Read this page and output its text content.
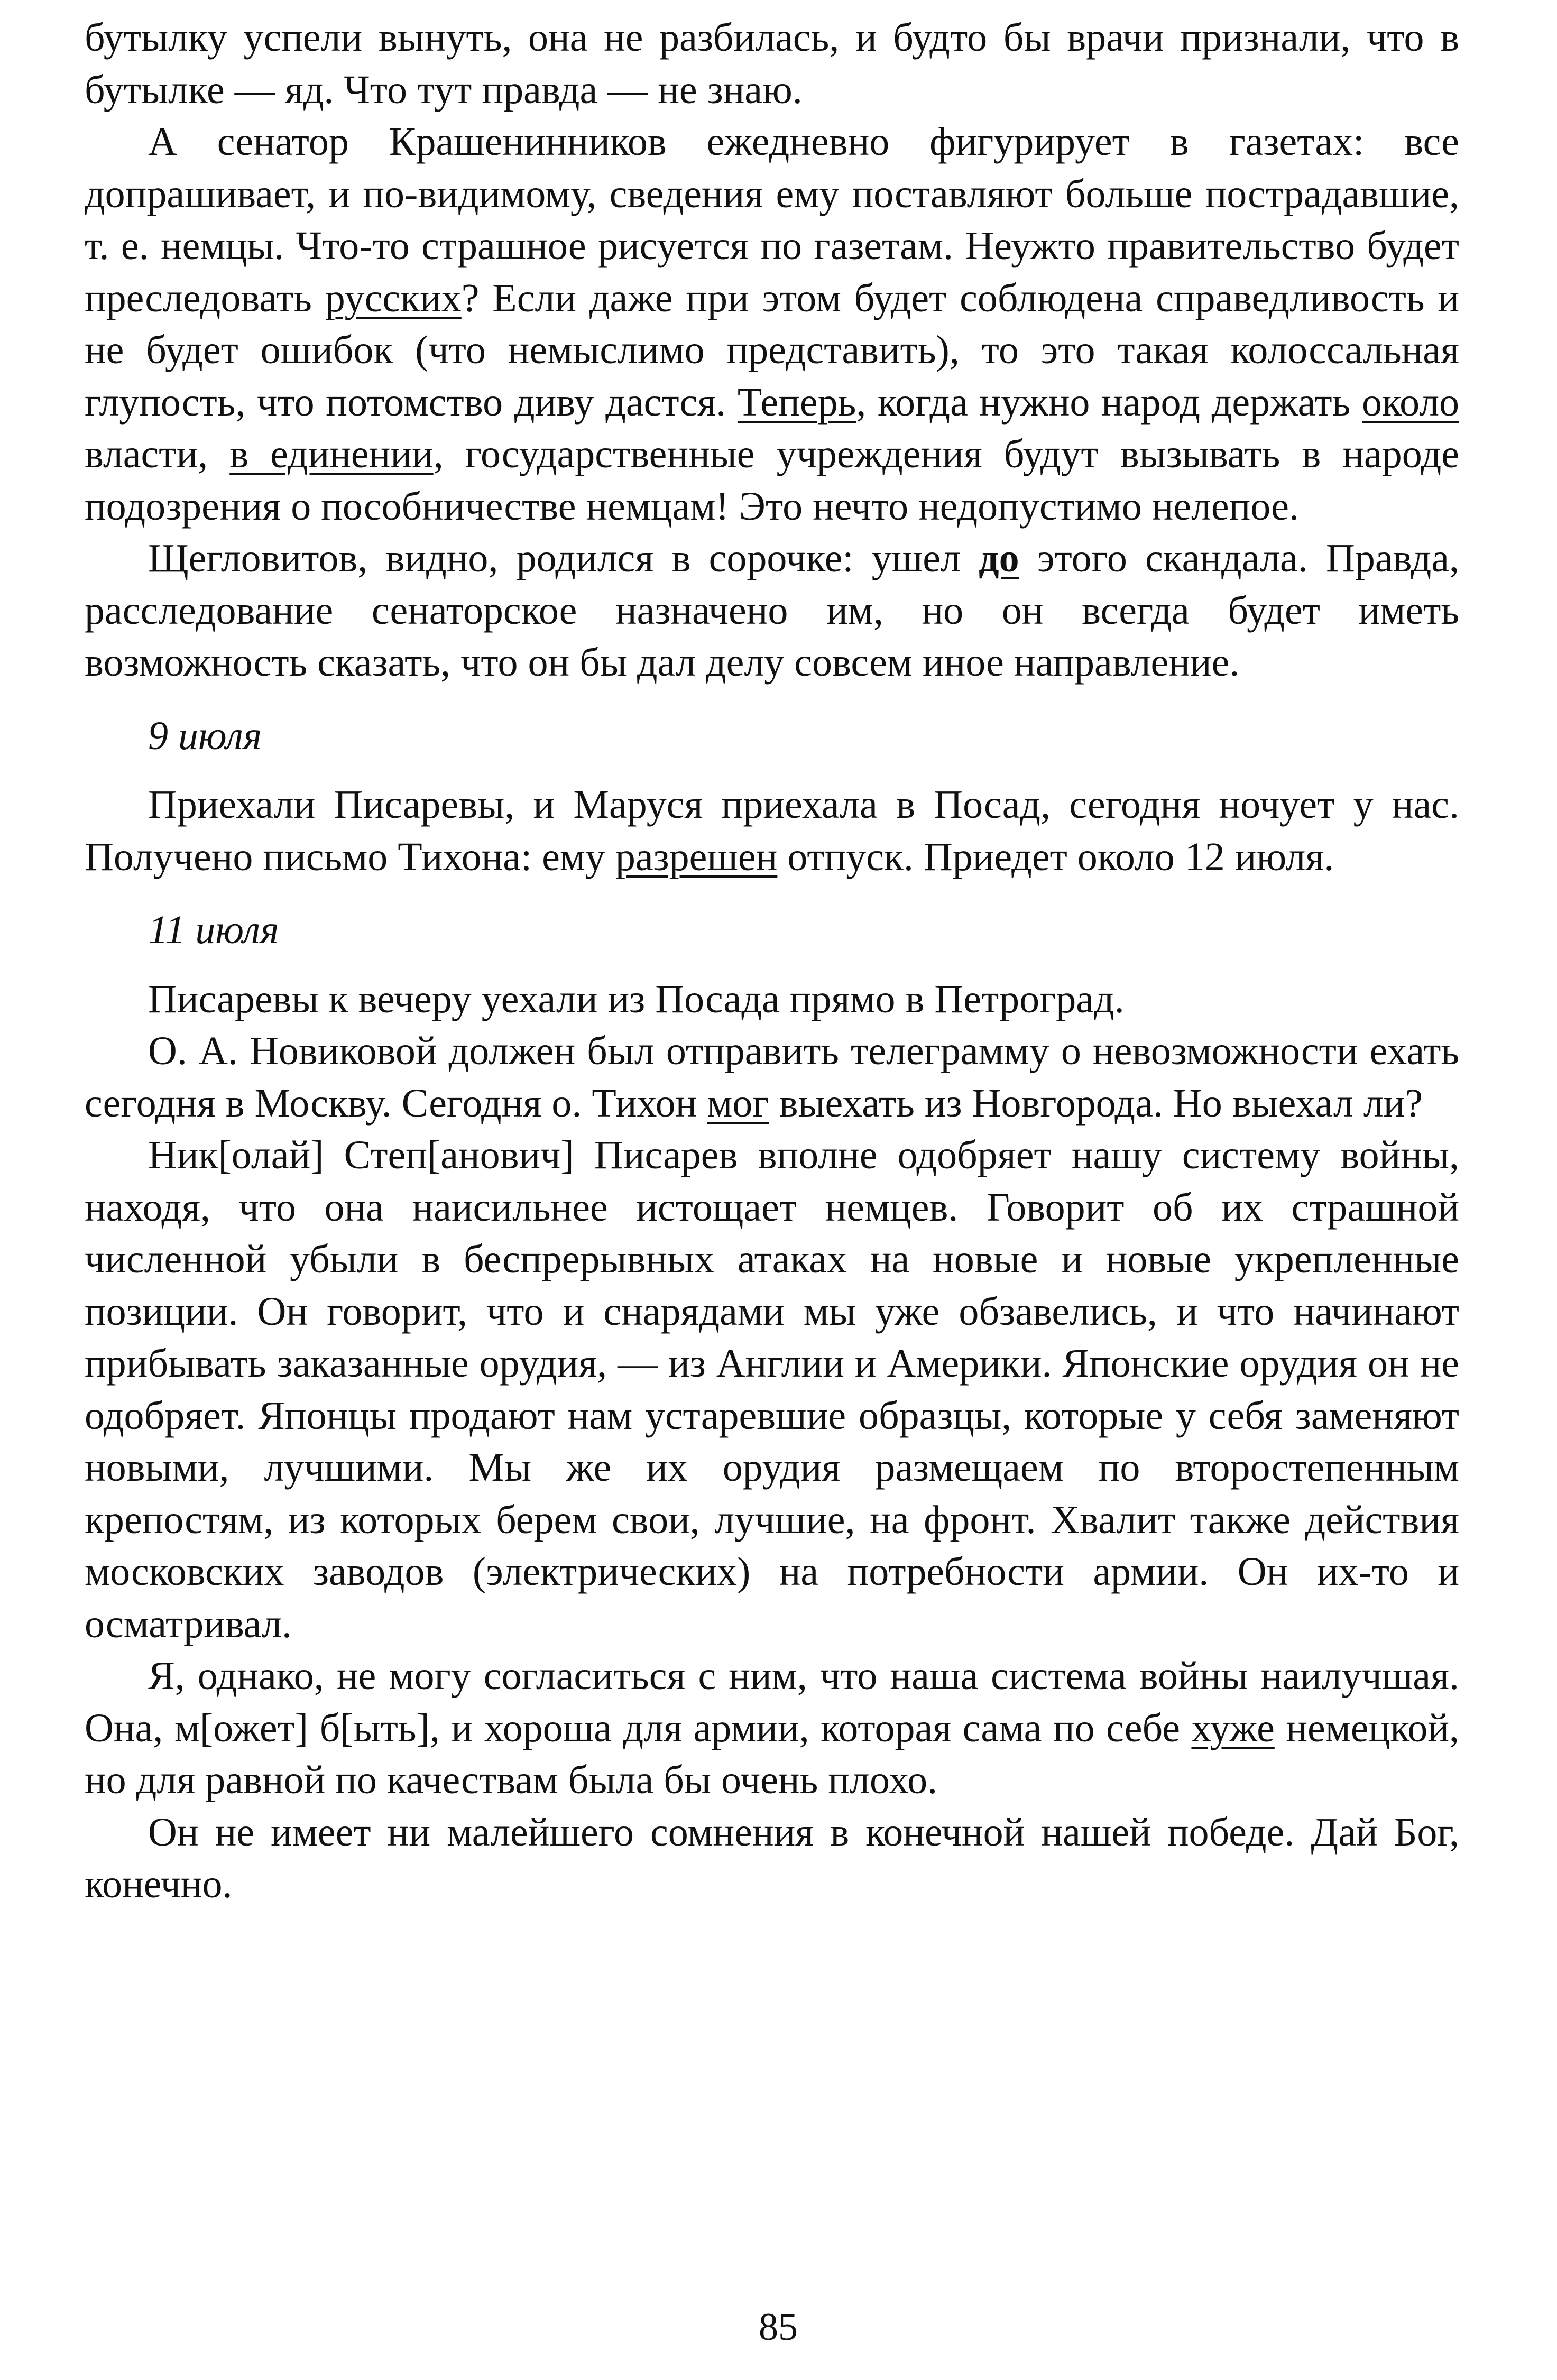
бутылку успели вынуть, она не разбилась, и будто бы врачи признали, что в бутылке — яд. Что тут правда — не знаю.

А сенатор Крашенинников ежедневно фигурирует в газетах: все допрашивает, и по-видимому, сведения ему поставляют больше пострадавшие, т. е. немцы. Что-то страшное рисуется по газетам. Неужто правительство будет преследовать русских? Если даже при этом будет соблюдена справедливость и не будет ошибок (что немыслимо представить), то это такая колоссальная глупость, что потомство диву дастся. Теперь, когда нужно народ держать около власти, в единении, государственные учреждения будут вызывать в народе подозрения о пособничестве немцам! Это нечто недопустимо нелепое.

Щегловитов, видно, родился в сорочке: ушел до этого скандала. Правда, расследование сенаторское назначено им, но он всегда будет иметь возможность сказать, что он бы дал делу совсем иное направление.

9 июля

Приехали Писаревы, и Маруся приехала в Посад, сегодня ночует у нас. Получено письмо Тихона: ему разрешен отпуск. Приедет около 12 июля.

11 июля

Писаревы к вечеру уехали из Посада прямо в Петроград.

О. А. Новиковой должен был отправить телеграмму о невозможности ехать сегодня в Москву. Сегодня о. Тихон мог выехать из Новгорода. Но выехал ли?

Ник[олай] Степ[анович] Писарев вполне одобряет нашу систему войны, находя, что она наисильнее истощает немцев. Говорит об их страшной численной убыли в беспрерывных атаках на новые и новые укрепленные позиции. Он говорит, что и снарядами мы уже обзавелись, и что начинают прибывать заказанные орудия, — из Англии и Америки. Японские орудия он не одобряет. Японцы продают нам устаревшие образцы, которые у себя заменяют новыми, лучшими. Мы же их орудия размещаем по второстепенным крепостям, из которых берем свои, лучшие, на фронт. Хвалит также действия московских заводов (электрических) на потребности армии. Он их-то и осматривал.

Я, однако, не могу согласиться с ним, что наша система войны наилучшая. Она, м[ожет] б[ыть], и хороша для армии, которая сама по себе хуже немецкой, но для равной по качествам была бы очень плохо.

Он не имеет ни малейшего сомнения в конечной нашей победе. Дай Бог, конечно.

85
